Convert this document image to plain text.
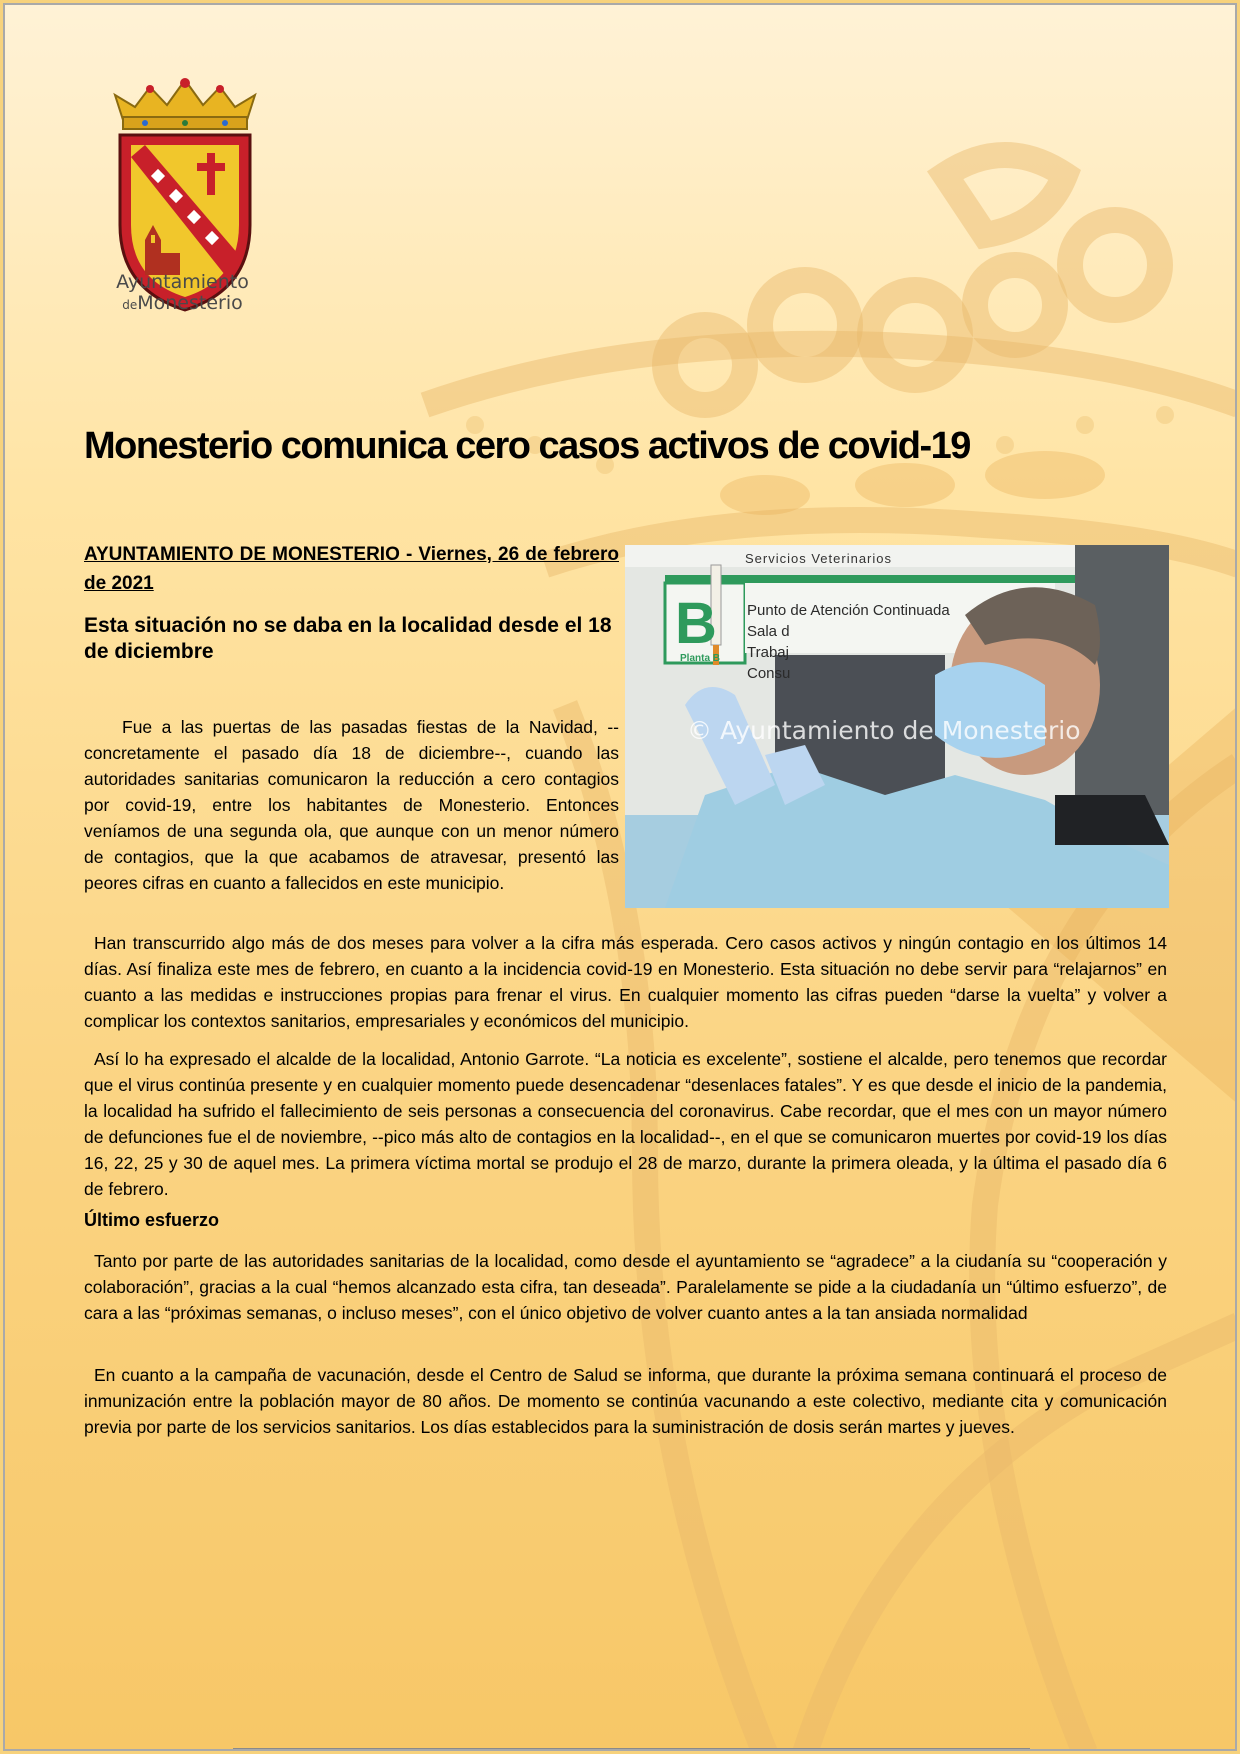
Ayuntamiento
deMonesterio
Monesterio comunica cero casos activos de covid-19

AYUNTAMIENTO DE MONESTERIO - Viernes, 26 de febrero de 2021

Esta situación no se daba en la localidad desde el 18 de diciembre

Fue a las puertas de las pasadas fiestas de la Navidad, --concretamente el pasado día 18 de diciembre--, cuando las autoridades sanitarias comunicaron la reducción a cero contagios por covid-19, entre los habitantes de Monesterio. Entonces veníamos de una segunda ola, que aunque con un menor número de contagios, que la que acabamos de atravesar, presentó las peores cifras en cuanto a fallecidos en este municipio.

Servicios Veterinarios
B
Planta B
Punto de Atención Continuada
Sala d
Trabaj
Consu
© Ayuntamiento de Monesterio

Han transcurrido algo más de dos meses para volver a la cifra más esperada. Cero casos activos y ningún contagio en los últimos 14 días. Así finaliza este mes de febrero, en cuanto a la incidencia covid-19 en Monesterio. Esta situación no debe servir para “relajarnos” en cuanto a las medidas e instrucciones propias para frenar el virus. En cualquier momento las cifras pueden “darse la vuelta” y volver a complicar los contextos sanitarios, empresariales y económicos del municipio.

Así lo ha expresado el alcalde de la localidad, Antonio Garrote. “La noticia es excelente”, sostiene el alcalde, pero tenemos que recordar que el virus continúa presente y en cualquier momento puede desencadenar “desenlaces fatales”. Y es que desde el inicio de la pandemia, la localidad ha sufrido el fallecimiento de seis personas a consecuencia del coronavirus. Cabe recordar, que el mes con un mayor número de defunciones fue el de noviembre, --pico más alto de contagios en la localidad--, en el que se comunicaron muertes por covid-19 los días 16, 22, 25 y 30 de aquel mes. La primera víctima mortal se produjo el 28 de marzo, durante la primera oleada, y la última el pasado día 6 de febrero.

Último esfuerzo

Tanto por parte de las autoridades sanitarias de la localidad, como desde el ayuntamiento se “agradece” a la ciudanía su “cooperación y colaboración”, gracias a la cual “hemos alcanzado esta cifra, tan deseada”. Paralelamente se pide a la ciudadanía un “último esfuerzo”, de cara a las “próximas semanas, o incluso meses”, con el único objetivo de volver cuanto antes a la tan ansiada normalidad

En cuanto a la campaña de vacunación, desde el Centro de Salud se informa, que durante la próxima semana continuará el proceso de inmunización entre la población mayor de 80 años. De momento se continúa vacunando a este colectivo, mediante cita y comunicación previa por parte de los servicios sanitarios. Los días establecidos para la suministración de dosis serán martes y jueves.
